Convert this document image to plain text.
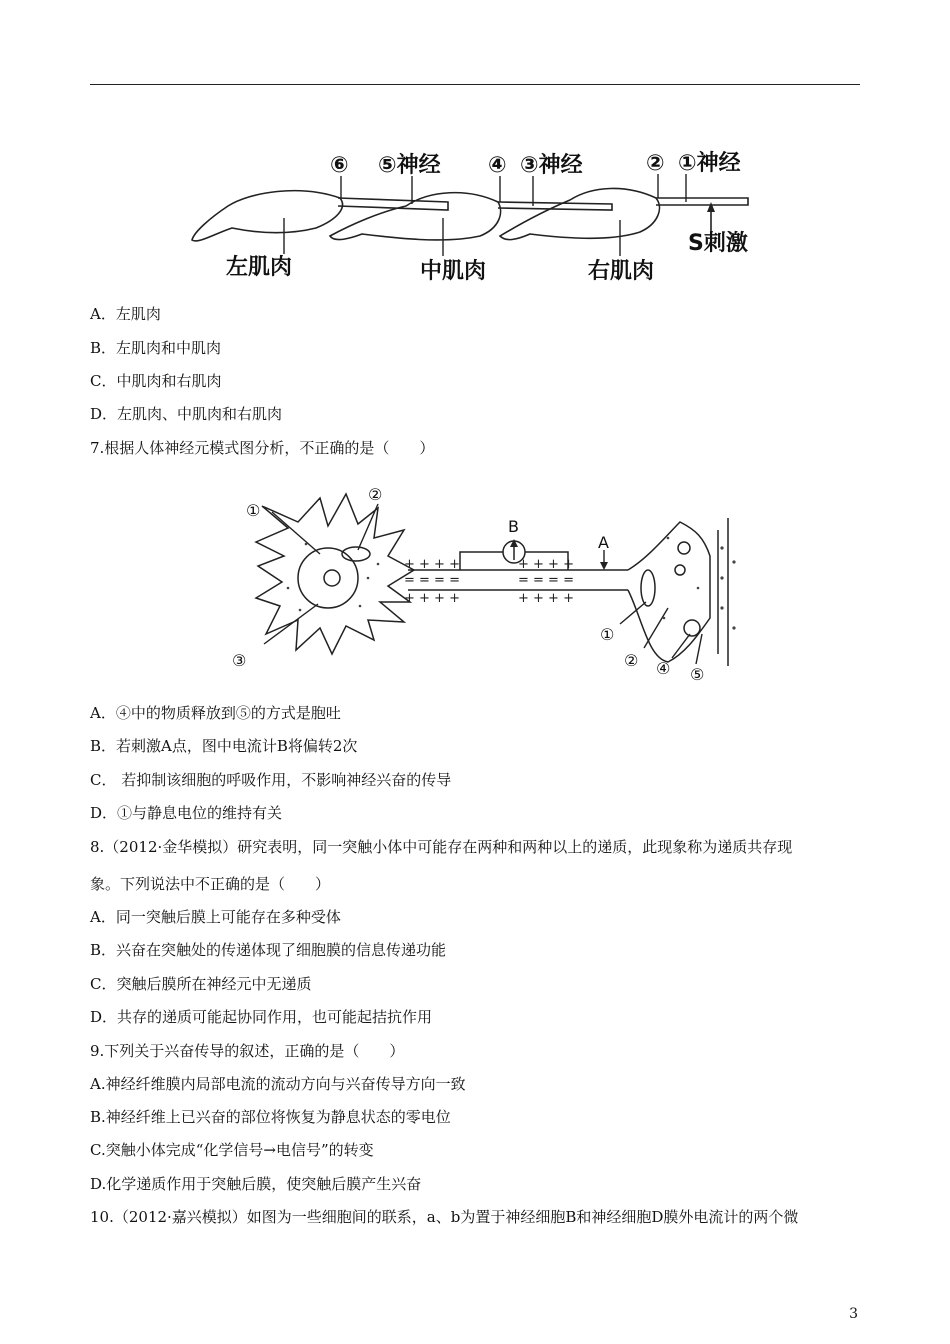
⑥ ⑤神经 ④ ③神经	② ①神经
左肌肉	中肌肉	右肌肉
S刺激
A．左肌肉
B．左肌肉和中肌肉
C．中肌肉和右肌肉
D．左肌肉、中肌肉和右肌肉
7.根据人体神经元模式图分析，不正确的是（　　）
+ + + +
= = = =
+ + + +
+ + + +
= = = =
+ + + +
①
②
③
B
A
①
② ④ ⑤
A．④中的物质释放到⑤的方式是胞吐
B．若刺激A点，图中电流计B将偏转2次
C． 若抑制该细胞的呼吸作用，不影响神经兴奋的传导
D．①与静息电位的维持有关
8.（2012·金华模拟）研究表明，同一突触小体中可能存在两种和两种以上的递质，此现象称为递质共存现
象。下列说法中不正确的是（　　）
A．同一突触后膜上可能存在多种受体
B．兴奋在突触处的传递体现了细胞膜的信息传递功能
C．突触后膜所在神经元中无递质
D．共存的递质可能起协同作用，也可能起拮抗作用
9.下列关于兴奋传导的叙述，正确的是（　　）
A.神经纤维膜内局部电流的流动方向与兴奋传导方向一致
B.神经纤维上已兴奋的部位将恢复为静息状态的零电位
C.突触小体完成“化学信号→电信号”的转变
D.化学递质作用于突触后膜，使突触后膜产生兴奋
10.（2012·嘉兴模拟）如图为一些细胞间的联系，a、b为置于神经细胞B和神经细胞D膜外电流计的两个微
3
